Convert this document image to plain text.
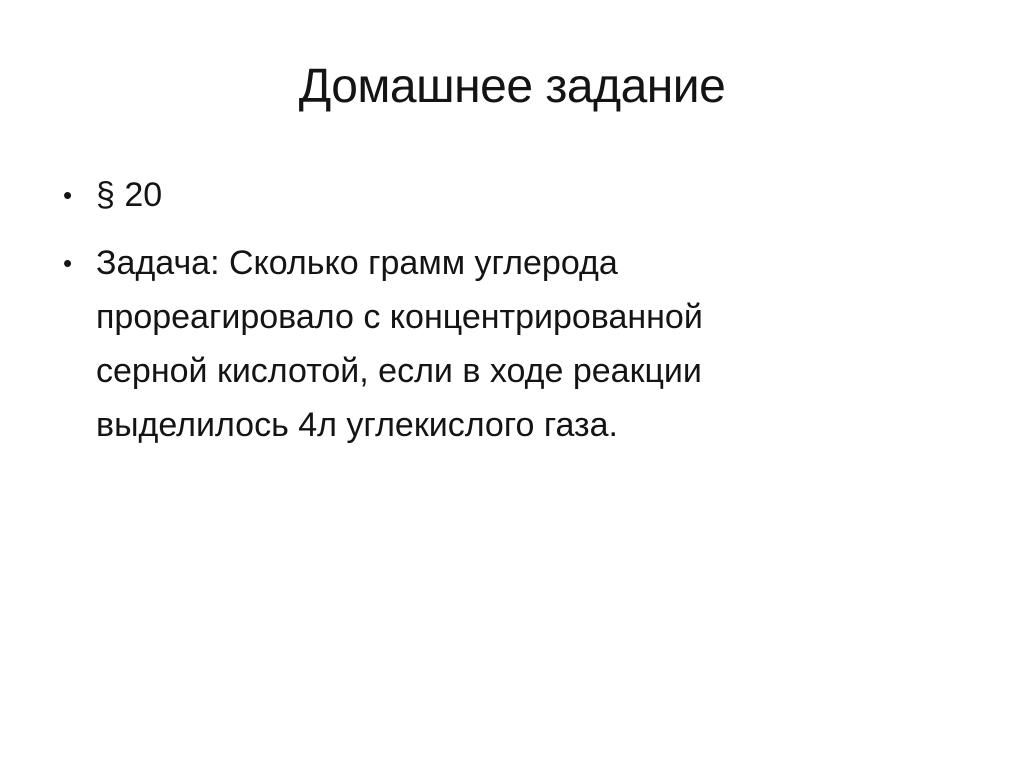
Домашнее задание
• § 20
• Задача: Сколько грамм углерода прореагировало с концентрированной серной кислотой, если в ходе реакции выделилось 4л углекислого газа.
